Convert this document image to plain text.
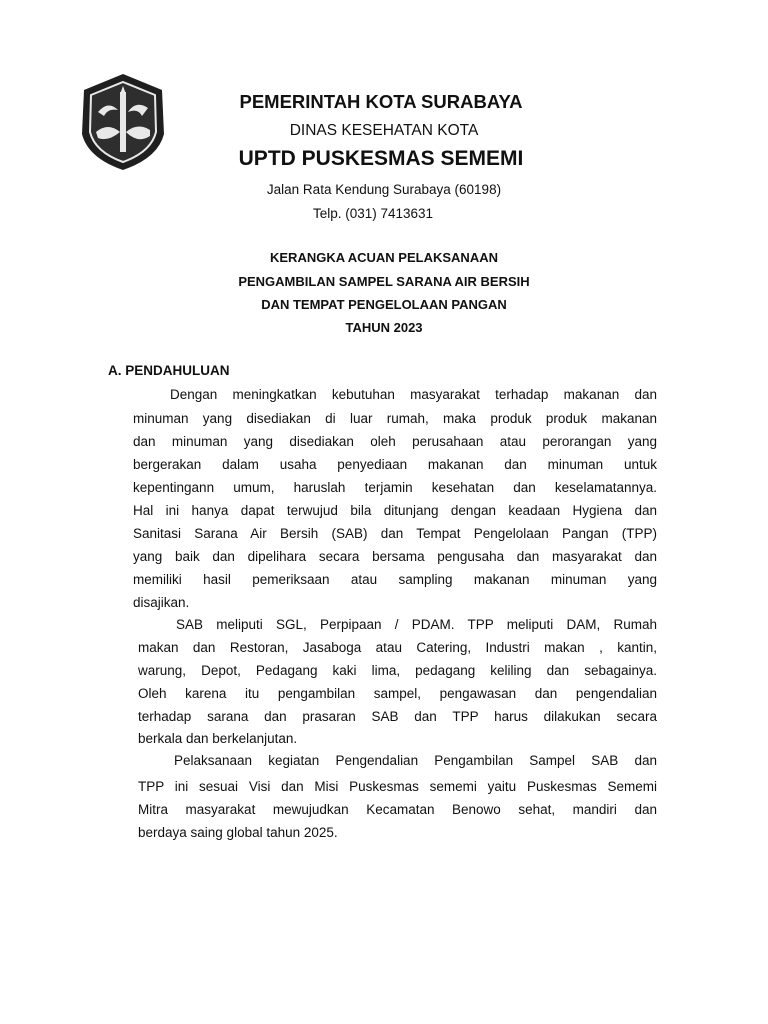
PEMERINTAH KOTA SURABAYA
DINAS KESEHATAN KOTA
UPTD PUSKESMAS SEMEMI
Jalan Rata Kendung Surabaya (60198)
Telp. (031) 7413631
KERANGKA ACUAN PELAKSANAAN
PENGAMBILAN SAMPEL SARANA AIR BERSIH
DAN TEMPAT PENGELOLAAN PANGAN
TAHUN 2023
A. PENDAHULUAN
Dengan meningkatkan kebutuhan masyarakat terhadap makanan dan
minuman yang disediakan di luar rumah, maka produk produk makanan
dan minuman yang disediakan oleh perusahaan atau perorangan yang
bergerakan dalam usaha penyediaan makanan dan minuman untuk
kepentingann umum, haruslah terjamin kesehatan dan keselamatannya.
Hal ini hanya dapat terwujud bila ditunjang dengan keadaan Hygiena dan
Sanitasi Sarana Air Bersih (SAB) dan Tempat Pengelolaan Pangan (TPP)
yang baik dan dipelihara secara bersama pengusaha dan masyarakat dan
memiliki hasil pemeriksaan atau sampling makanan minuman yang
disajikan.
SAB meliputi SGL, Perpipaan / PDAM. TPP meliputi DAM, Rumah
makan dan Restoran, Jasaboga atau Catering, Industri makan , kantin,
warung, Depot, Pedagang kaki lima, pedagang keliling dan sebagainya.
Oleh karena itu pengambilan sampel, pengawasan dan pengendalian
terhadap sarana dan prasaran SAB dan TPP harus dilakukan secara
berkala dan berkelanjutan.
Pelaksanaan kegiatan Pengendalian Pengambilan Sampel SAB dan
TPP ini sesuai Visi dan Misi Puskesmas sememi yaitu Puskesmas Sememi
Mitra masyarakat mewujudkan Kecamatan Benowo sehat, mandiri dan
berdaya saing global tahun 2025.
